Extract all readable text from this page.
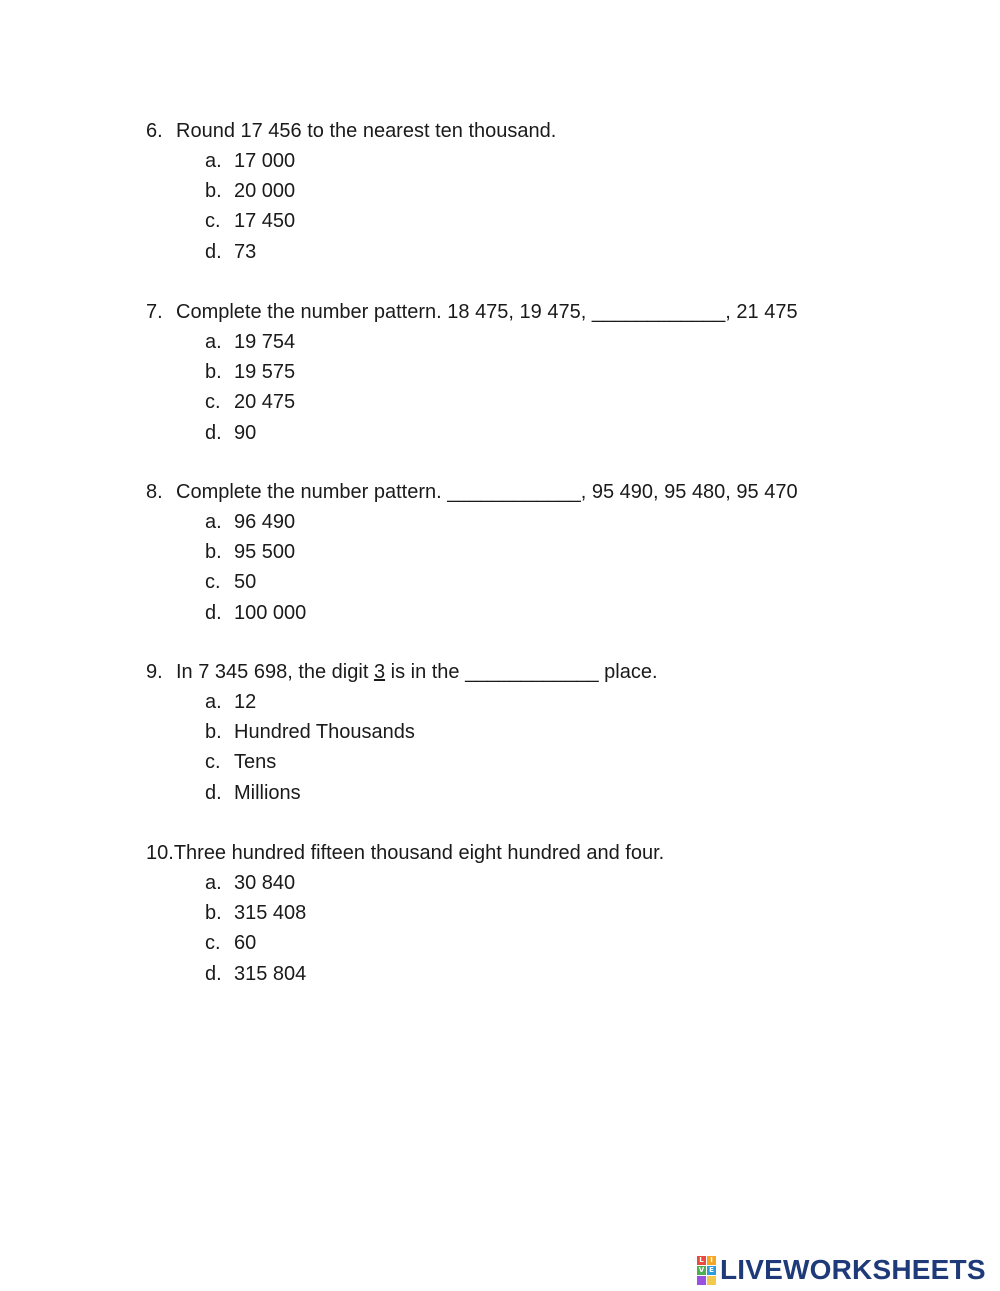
6. Round 17 456 to the nearest ten thousand.
a. 17 000
b. 20 000
c. 17 450
d. 73
7. Complete the number pattern. 18 475, 19 475, ____________, 21 475
a. 19 754
b. 19 575
c. 20 475
d. 90
8. Complete the number pattern. ____________, 95 490, 95 480, 95 470
a. 96 490
b. 95 500
c. 50
d. 100 000
9. In 7 345 698, the digit 3 is in the ____________ place.
a. 12
b. Hundred Thousands
c. Tens
d. Millions
10.Three hundred fifteen thousand eight hundred and four.
a. 30 840
b. 315 408
c. 60
d. 315 804
L I
V E LIVEWORKSHEETS
